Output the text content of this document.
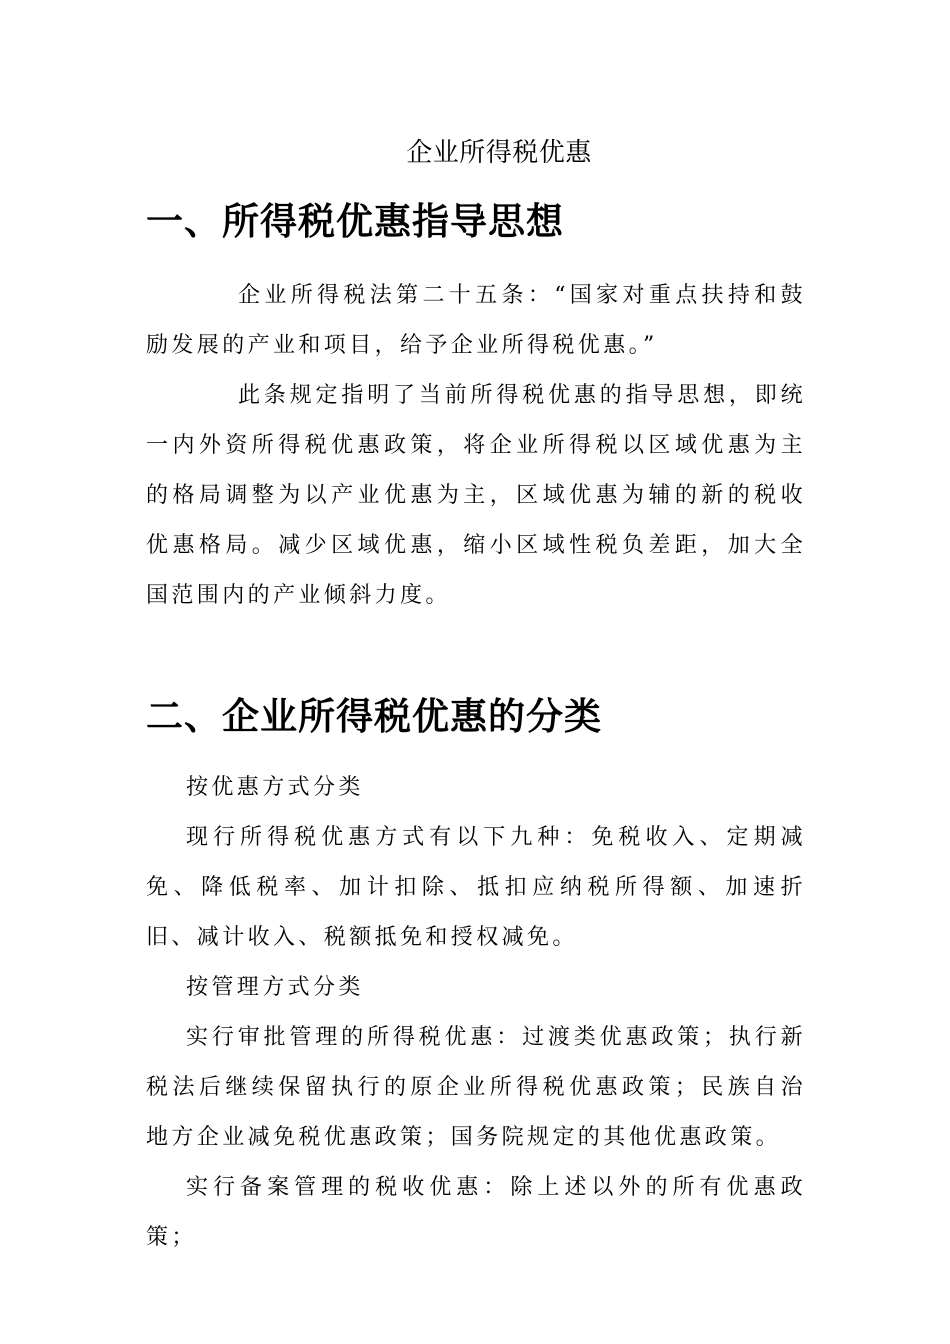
企业所得税优惠
一、所得税优惠指导思想

企业所得税法第二十五条：“国家对重点扶持和鼓励发展的产业和项目，给予企业所得税优惠。”

此条规定指明了当前所得税优惠的指导思想，即统一内外资所得税优惠政策，将企业所得税以区域优惠为主的格局调整为以产业优惠为主，区域优惠为辅的新的税收优惠格局。减少区域优惠，缩小区域性税负差距，加大全国范围内的产业倾斜力度。

二、企业所得税优惠的分类

按优惠方式分类

现行所得税优惠方式有以下九种：免税收入、定期减免、降低税率、加计扣除、抵扣应纳税所得额、加速折旧、减计收入、税额抵免和授权减免。

按管理方式分类

实行审批管理的所得税优惠：过渡类优惠政策；执行新税法后继续保留执行的原企业所得税优惠政策；民族自治地方企业减免税优惠政策；国务院规定的其他优惠政策。

实行备案管理的税收优惠：除上述以外的所有优惠政策；
